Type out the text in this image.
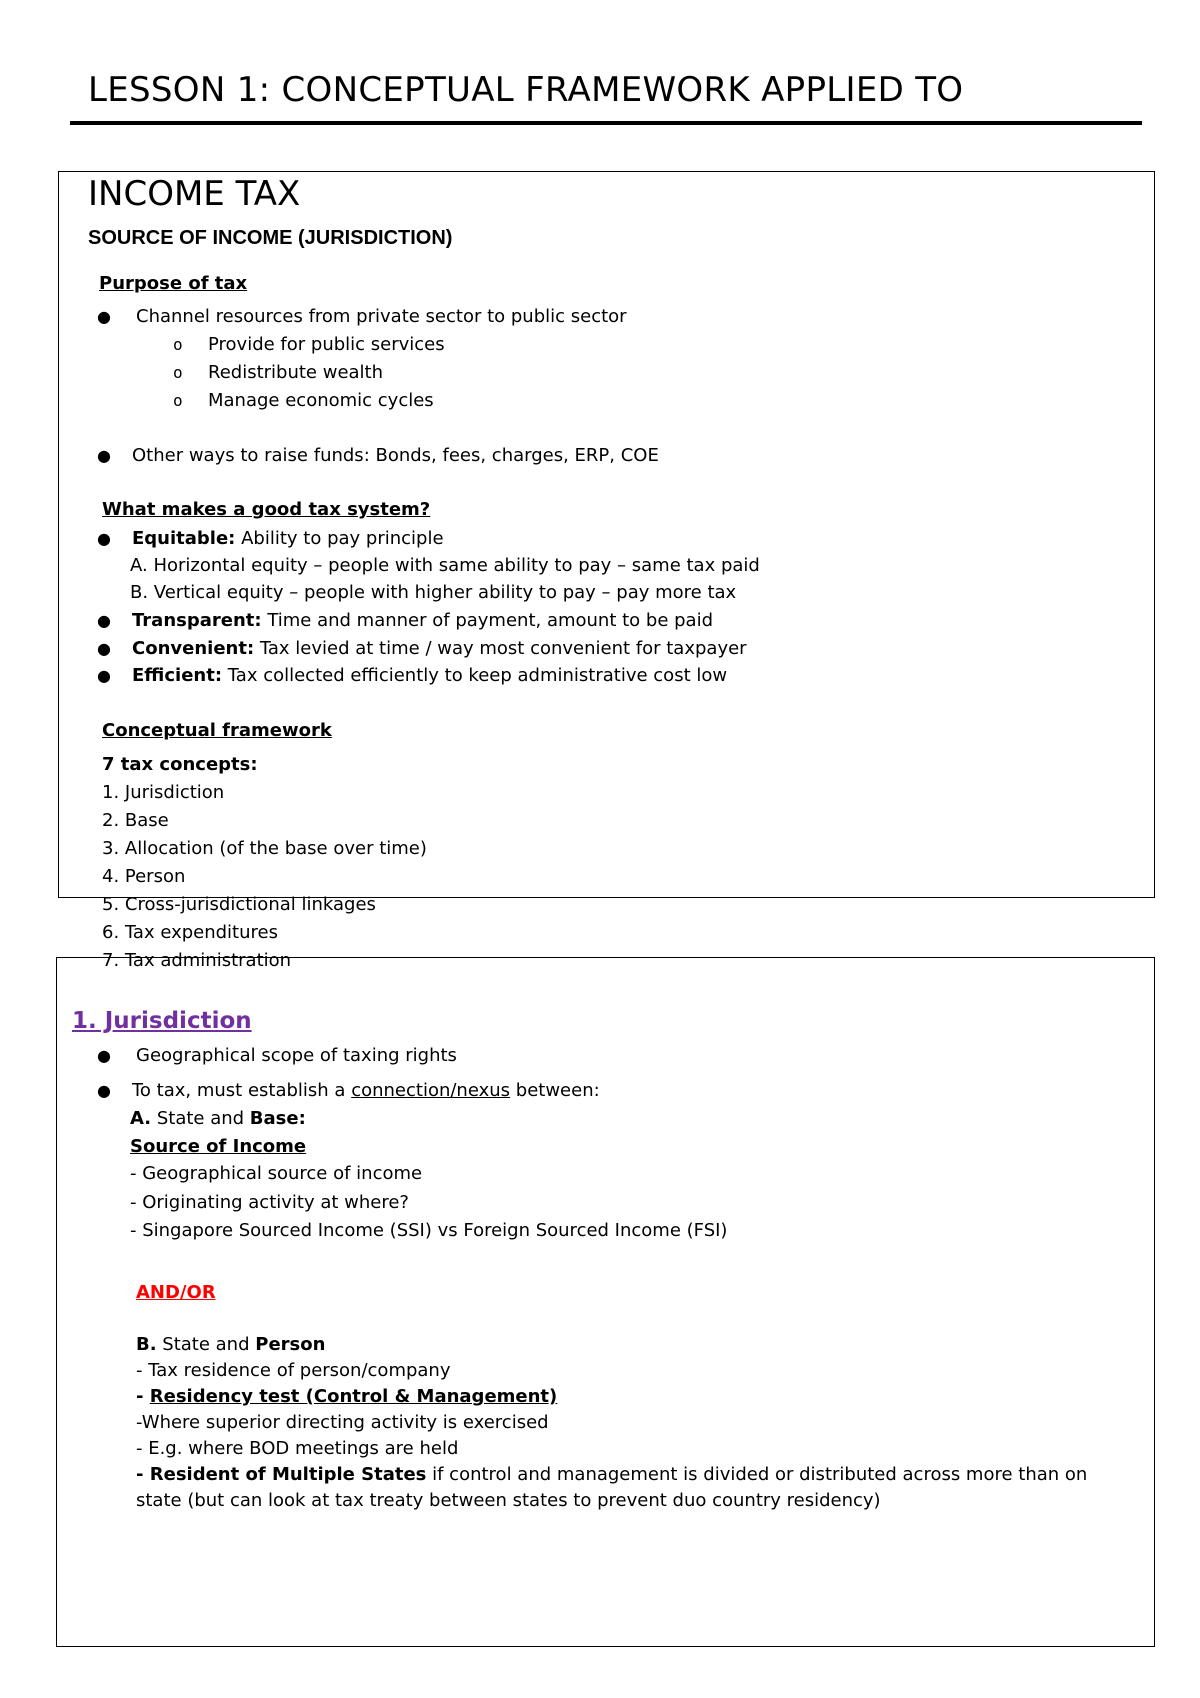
LESSON 1: CONCEPTUAL FRAMEWORK APPLIED TO
INCOME TAX
SOURCE OF INCOME (JURISDICTION)
Purpose of tax
● Channel resources from private sector to public sector
o Provide for public services
o Redistribute wealth
o Manage economic cycles
● Other ways to raise funds: Bonds, fees, charges, ERP, COE
What makes a good tax system?
● Equitable: Ability to pay principle
A. Horizontal equity – people with same ability to pay – same tax paid
B. Vertical equity – people with higher ability to pay – pay more tax
● Transparent: Time and manner of payment, amount to be paid
● Convenient: Tax levied at time / way most convenient for taxpayer
● Efficient: Tax collected efficiently to keep administrative cost low
Conceptual framework
7 tax concepts:
1. Jurisdiction
2. Base
3. Allocation (of the base over time)
4. Person
5. Cross-jurisdictional linkages
6. Tax expenditures
7. Tax administration
1. Jurisdiction
● Geographical scope of taxing rights
● To tax, must establish a connection/nexus between:
A. State and Base:
Source of Income
- Geographical source of income
- Originating activity at where?
- Singapore Sourced Income (SSI) vs Foreign Sourced Income (FSI)
AND/OR
B. State and Person
- Tax residence of person/company
- Residency test (Control & Management)
-Where superior directing activity is exercised
- E.g. where BOD meetings are held
- Resident of Multiple States if control and management is divided or distributed across more than on
state (but can look at tax treaty between states to prevent duo country residency)
